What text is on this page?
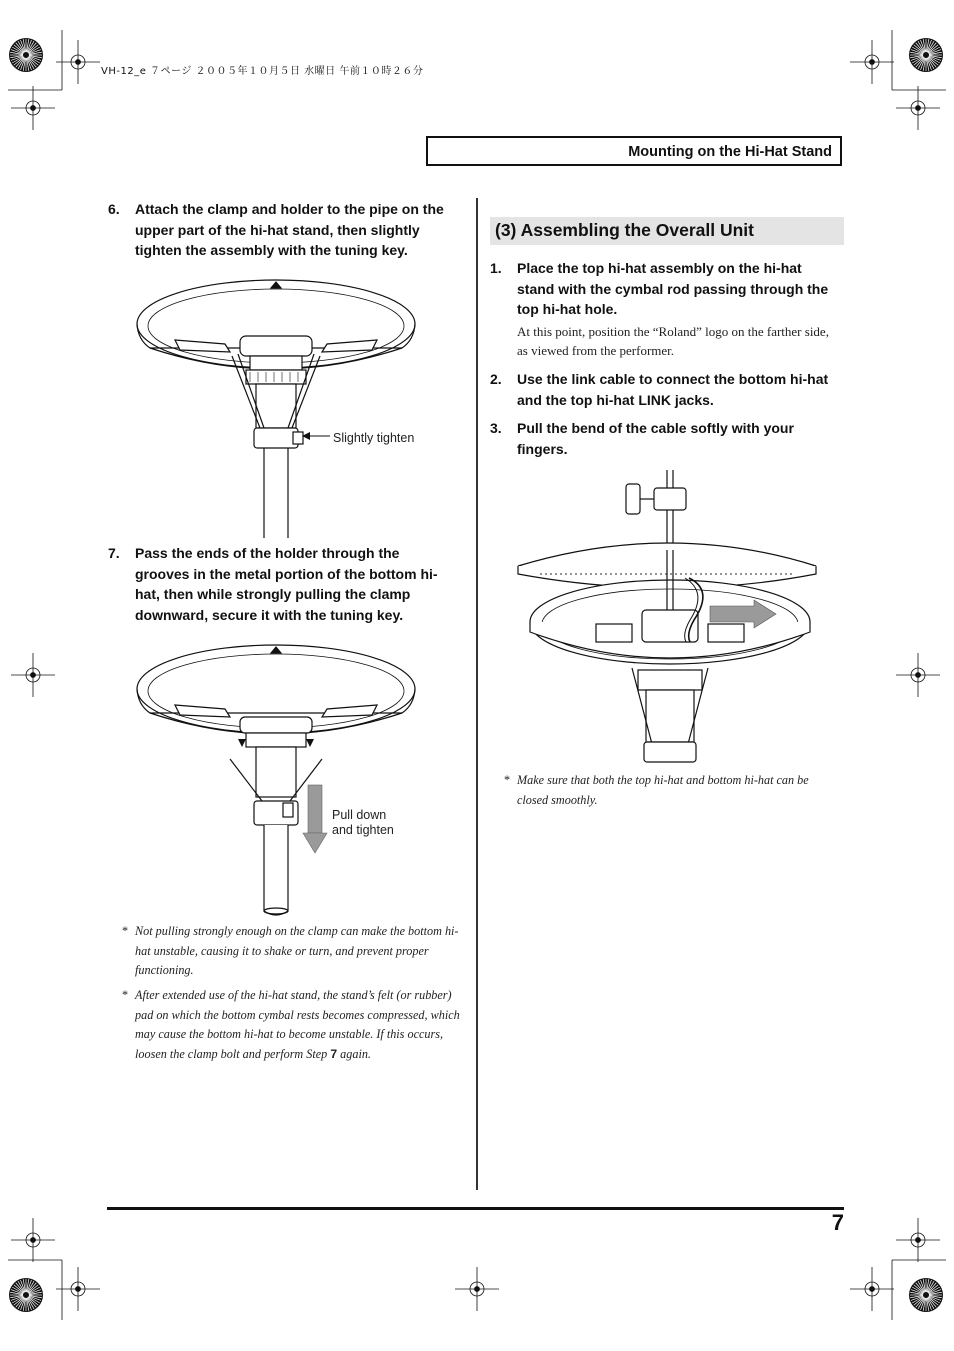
VH-12_e ７ページ ２００５年１０月５日 水曜日 午前１０時２６分
Mounting on the Hi-Hat Stand
6. Attach the clamp and holder to the pipe on the upper part of the hi-hat stand, then slightly tighten the assembly with the tuning key.
Slightly tighten
7. Pass the ends of the holder through the grooves in the metal portion of the bottom hi-hat, then while strongly pulling the clamp downward, secure it with the tuning key.
Pull down
and tighten
* Not pulling strongly enough on the clamp can make the bottom hi-hat unstable, causing it to shake or turn, and prevent proper functioning.
* After extended use of the hi-hat stand, the stand’s felt (or rubber) pad on which the bottom cymbal rests becomes compressed, which may cause the bottom hi-hat to become unstable. If this occurs, loosen the clamp bolt and perform Step 7 again.
(3) Assembling the Overall Unit
1. Place the top hi-hat assembly on the hi-hat stand with the cymbal rod passing through the top hi-hat hole.
At this point, position the “Roland” logo on the farther side, as viewed from the performer.
2. Use the link cable to connect the bottom hi-hat and the top hi-hat LINK jacks.
3. Pull the bend of the cable softly with your fingers.
* Make sure that both the top hi-hat and bottom hi-hat can be closed smoothly.
7
